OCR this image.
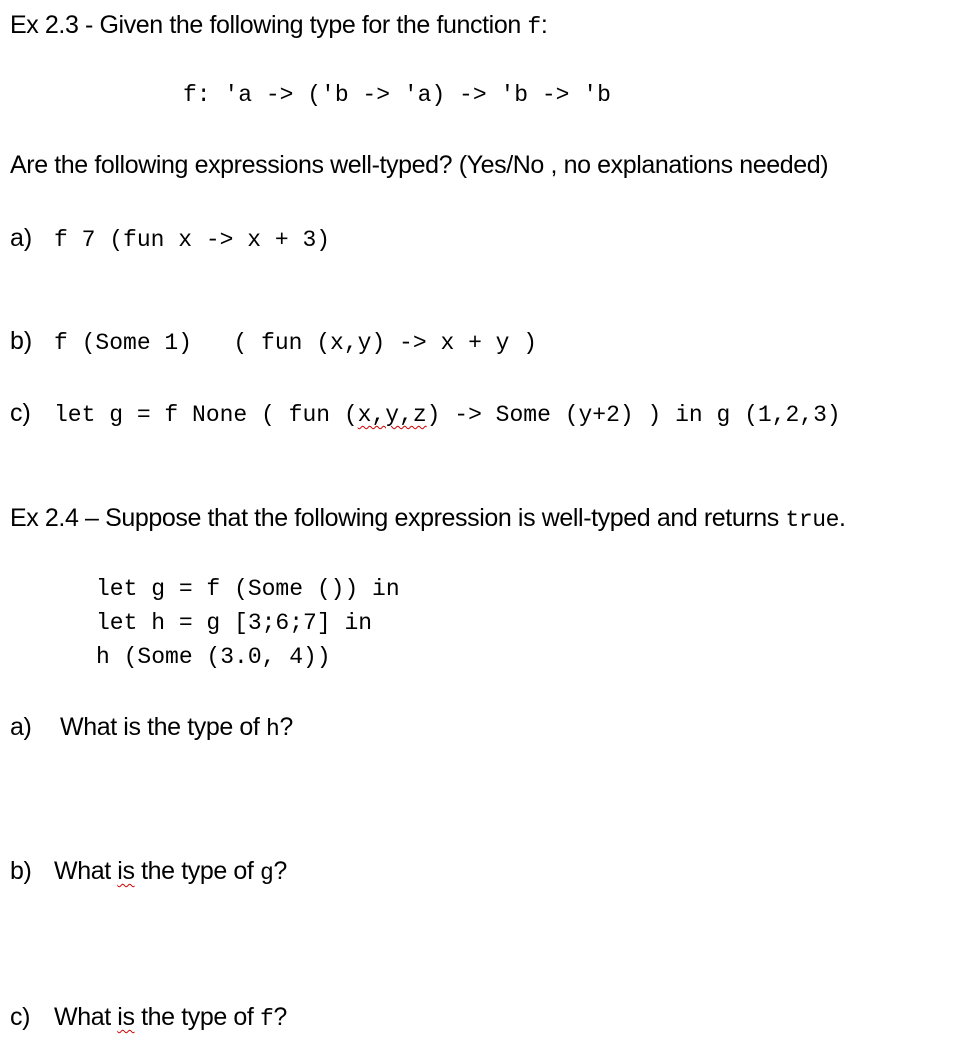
Ex 2.3 - Given the following type for the function f:
f: 'a -> ('b -> 'a) -> 'b -> 'b
Are the following expressions well-typed? (Yes/No , no explanations needed)
a) f 7 (fun x -> x + 3)
b) f (Some 1)   ( fun (x,y) -> x + y )
c) let g = f None ( fun (x,y,z) -> Some (y+2) ) in g (1,2,3)
Ex 2.4 – Suppose that the following expression is well-typed and returns true.
let g = f (Some ()) in
let h = g [3;6;7] in
h (Some (3.0, 4))
a) What is the type of h?
b) What is the type of g?
c) What is the type of f?
